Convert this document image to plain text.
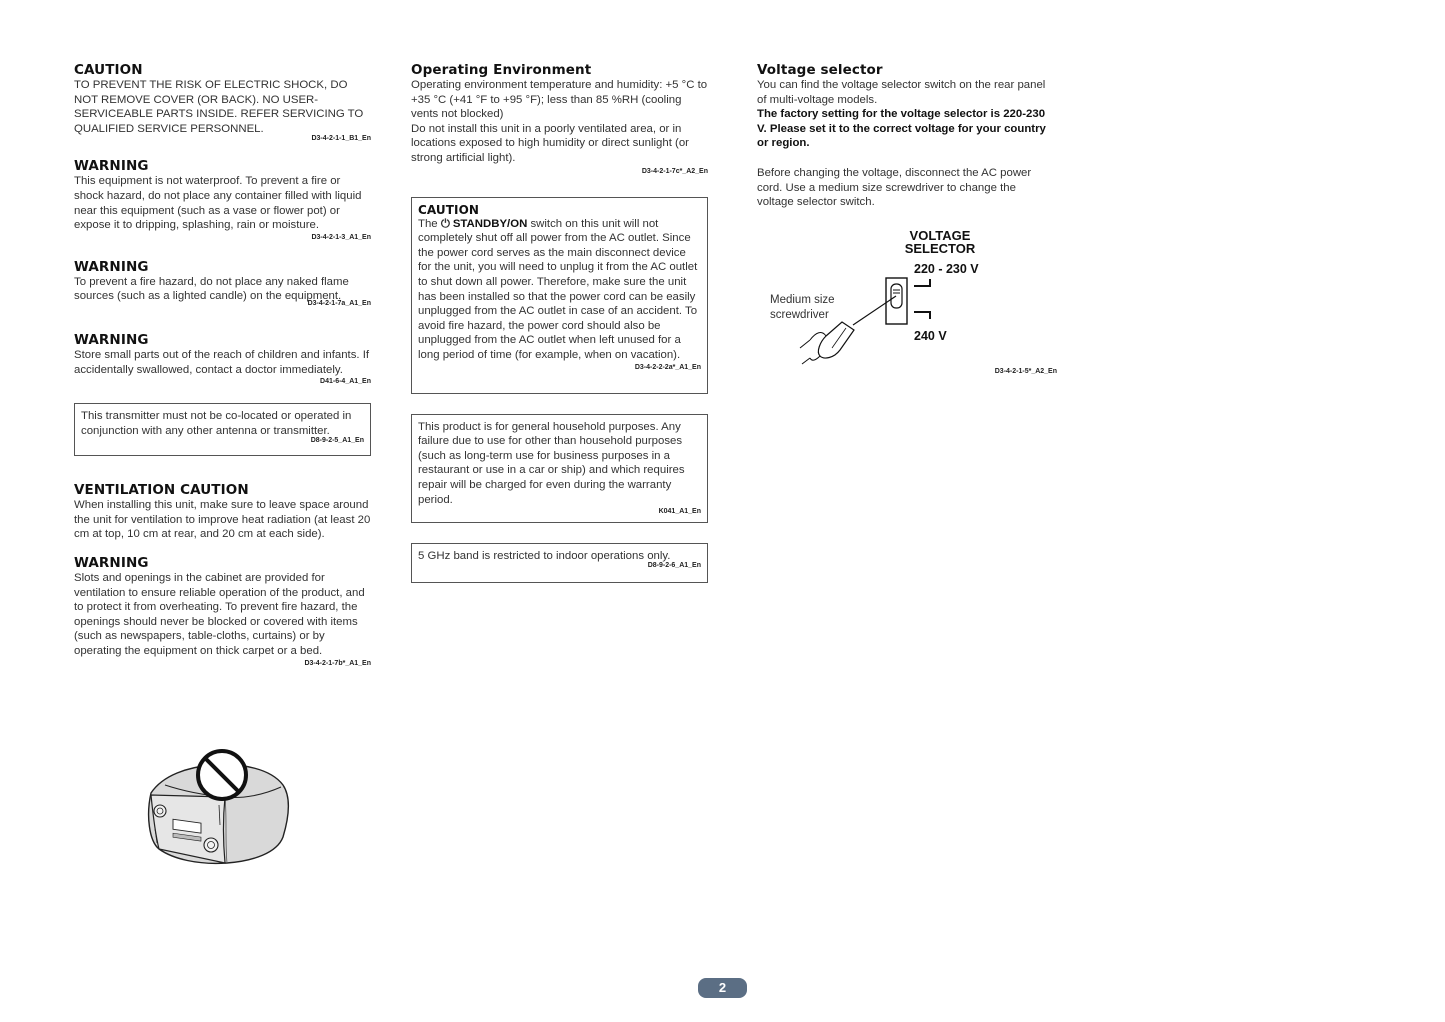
CAUTION

TO PREVENT THE RISK OF ELECTRIC SHOCK, DO NOT REMOVE COVER (OR BACK). NO USER-SERVICEABLE PARTS INSIDE. REFER SERVICING TO QUALIFIED SERVICE PERSONNEL.

D3-4-2-1-1_B1_En
WARNING

This equipment is not waterproof. To prevent a fire or shock hazard, do not place any container filled with liquid near this equipment (such as a vase or flower pot) or expose it to dripping, splashing, rain or moisture.

D3-4-2-1-3_A1_En
WARNING

To prevent a fire hazard, do not place any naked flame sources (such as a lighted candle) on the equipment.

D3-4-2-1-7a_A1_En
WARNING

Store small parts out of the reach of children and infants. If accidentally swallowed, contact a doctor immediately.

D41-6-4_A1_En

This transmitter must not be co-located or operated in conjunction with any other antenna or transmitter.

D8-9-2-5_A1_En
VENTILATION CAUTION

When installing this unit, make sure to leave space around the unit for ventilation to improve heat radiation (at least 20 cm at top, 10 cm at rear, and 20 cm at each side).

WARNING

Slots and openings in the cabinet are provided for ventilation to ensure reliable operation of the product, and to protect it from overheating. To prevent fire hazard, the openings should never be blocked or covered with items (such as newspapers, table-cloths, curtains) or by operating the equipment on thick carpet or a bed.

D3-4-2-1-7b*_A1_En
Operating Environment

Operating environment temperature and humidity: +5 °C to +35 °C (+41 °F to +95 °F); less than 85 %RH (cooling vents not blocked)

Do not install this unit in a poorly ventilated area, or in locations exposed to high humidity or direct sunlight (or strong artificial light).

D3-4-2-1-7c*_A2_En
CAUTION

The ⏻ STANDBY/ON switch on this unit will not completely shut off all power from the AC outlet. Since the power cord serves as the main disconnect device for the unit, you will need to unplug it from the AC outlet to shut down all power. Therefore, make sure the unit has been installed so that the power cord can be easily unplugged from the AC outlet in case of an accident. To avoid fire hazard, the power cord should also be unplugged from the AC outlet when left unused for a long period of time (for example, when on vacation).

D3-4-2-2-2a*_A1_En

This product is for general household purposes. Any failure due to use for other than household purposes (such as long-term use for business purposes in a restaurant or use in a car or ship) and which requires repair will be charged for even during the warranty period.

K041_A1_En

5 GHz band is restricted to indoor operations only.

D8-9-2-6_A1_En
Voltage selector

You can find the voltage selector switch on the rear panel of multi-voltage models.

The factory setting for the voltage selector is 220-230 V. Please set it to the correct voltage for your country or region.

Before changing the voltage, disconnect the AC power cord. Use a medium size screwdriver to change the voltage selector switch.

VOLTAGE
SELECTOR
220 - 230 V
240 V
Medium size
screwdriver
D3-4-2-1-5*_A2_En
2
